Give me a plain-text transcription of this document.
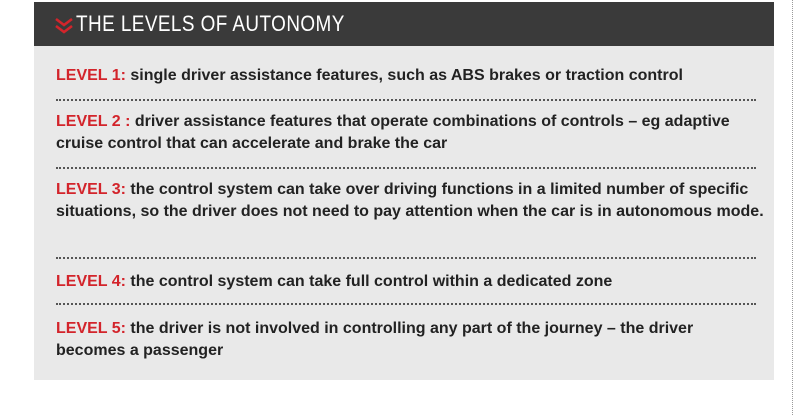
THE LEVELS OF AUTONOMY
LEVEL 1: single driver assistance features, such as ABS brakes or traction control
LEVEL 2 : driver assistance features that operate combinations of controls – eg adaptive cruise control that can accelerate and brake the car
LEVEL 3: the control system can take over driving functions in a limited number of specific situations, so the driver does not need to pay attention when the car is in autonomous mode.
LEVEL 4: the control system can take full control within a dedicated zone
LEVEL 5: the driver is not involved in controlling any part of the journey – the driver becomes a passenger
